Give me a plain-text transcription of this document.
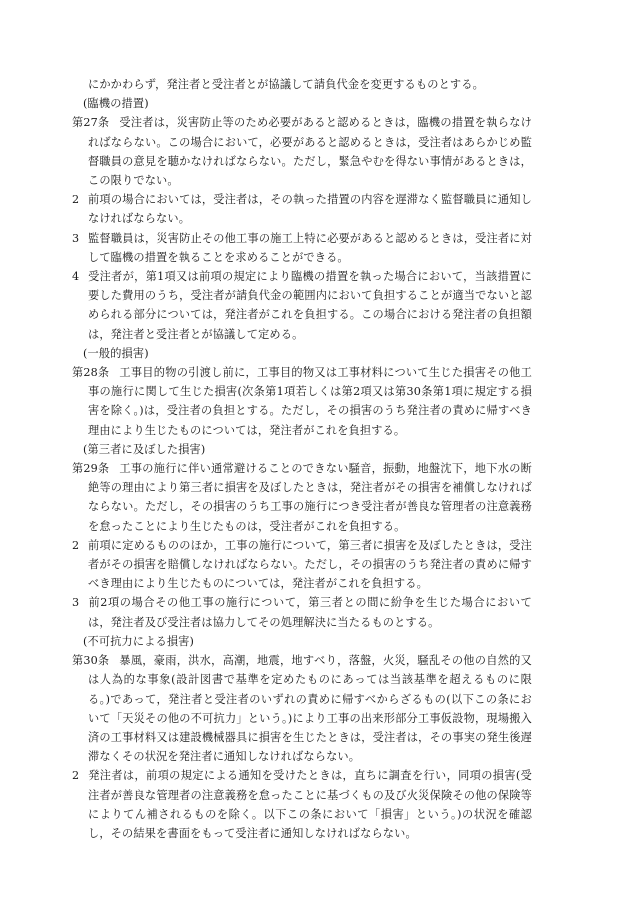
にかかわらず，発注者と受注者とが協議して請負代金を変更するものとする。

(臨機の措置)

第27条 受注者は，災害防止等のため必要があると認めるときは，臨機の措置を執らなければならない。この場合において，必要があると認めるときは，受注者はあらかじめ監督職員の意見を聴かなければならない。ただし，緊急やむを得ない事情があるときは，この限りでない。

2 前項の場合においては，受注者は，その執った措置の内容を遅滞なく監督職員に通知しなければならない。

3 監督職員は，災害防止その他工事の施工上特に必要があると認めるときは，受注者に対して臨機の措置を執ることを求めることができる。

4 受注者が，第1項又は前項の規定により臨機の措置を執った場合において，当該措置に要した費用のうち，受注者が請負代金の範囲内において負担することが適当でないと認められる部分については，発注者がこれを負担する。この場合における発注者の負担額は，発注者と受注者とが協議して定める。

(一般的損害)

第28条 工事目的物の引渡し前に，工事目的物又は工事材料について生じた損害その他工事の施行に関して生じた損害(次条第1項若しくは第2項又は第30条第1項に規定する損害を除く。)は，受注者の負担とする。ただし，その損害のうち発注者の責めに帰すべき理由により生じたものについては，発注者がこれを負担する。

(第三者に及ぼした損害)

第29条 工事の施行に伴い通常避けることのできない騒音，振動，地盤沈下，地下水の断絶等の理由により第三者に損害を及ぼしたときは，発注者がその損害を補償しなければならない。ただし，その損害のうち工事の施行につき受注者が善良な管理者の注意義務を怠ったことにより生じたものは，受注者がこれを負担する。

2 前項に定めるもののほか，工事の施行について，第三者に損害を及ぼしたときは，受注者がその損害を賠償しなければならない。ただし，その損害のうち発注者の責めに帰すべき理由により生じたものについては，発注者がこれを負担する。

3 前2項の場合その他工事の施行について，第三者との間に紛争を生じた場合においては，発注者及び受注者は協力してその処理解決に当たるものとする。

(不可抗力による損害)

第30条 暴風，豪雨，洪水，高潮，地震，地すべり，落盤，火災，騒乱その他の自然的又は人為的な事象(設計図書で基準を定めたものにあっては当該基準を超えるものに限る。)であって，発注者と受注者のいずれの責めに帰すべからざるもの(以下この条において「天災その他の不可抗力」という。)により工事の出来形部分工事仮設物，現場搬入済の工事材料又は建設機械器具に損害を生じたときは，受注者は，その事実の発生後遅滞なくその状況を発注者に通知しなければならない。

2 発注者は，前項の規定による通知を受けたときは，直ちに調査を行い，同項の損害(受注者が善良な管理者の注意義務を怠ったことに基づくもの及び火災保険その他の保険等によりてん補されるものを除く。以下この条において「損害」という。)の状況を確認し，その結果を書面をもって受注者に通知しなければならない。
